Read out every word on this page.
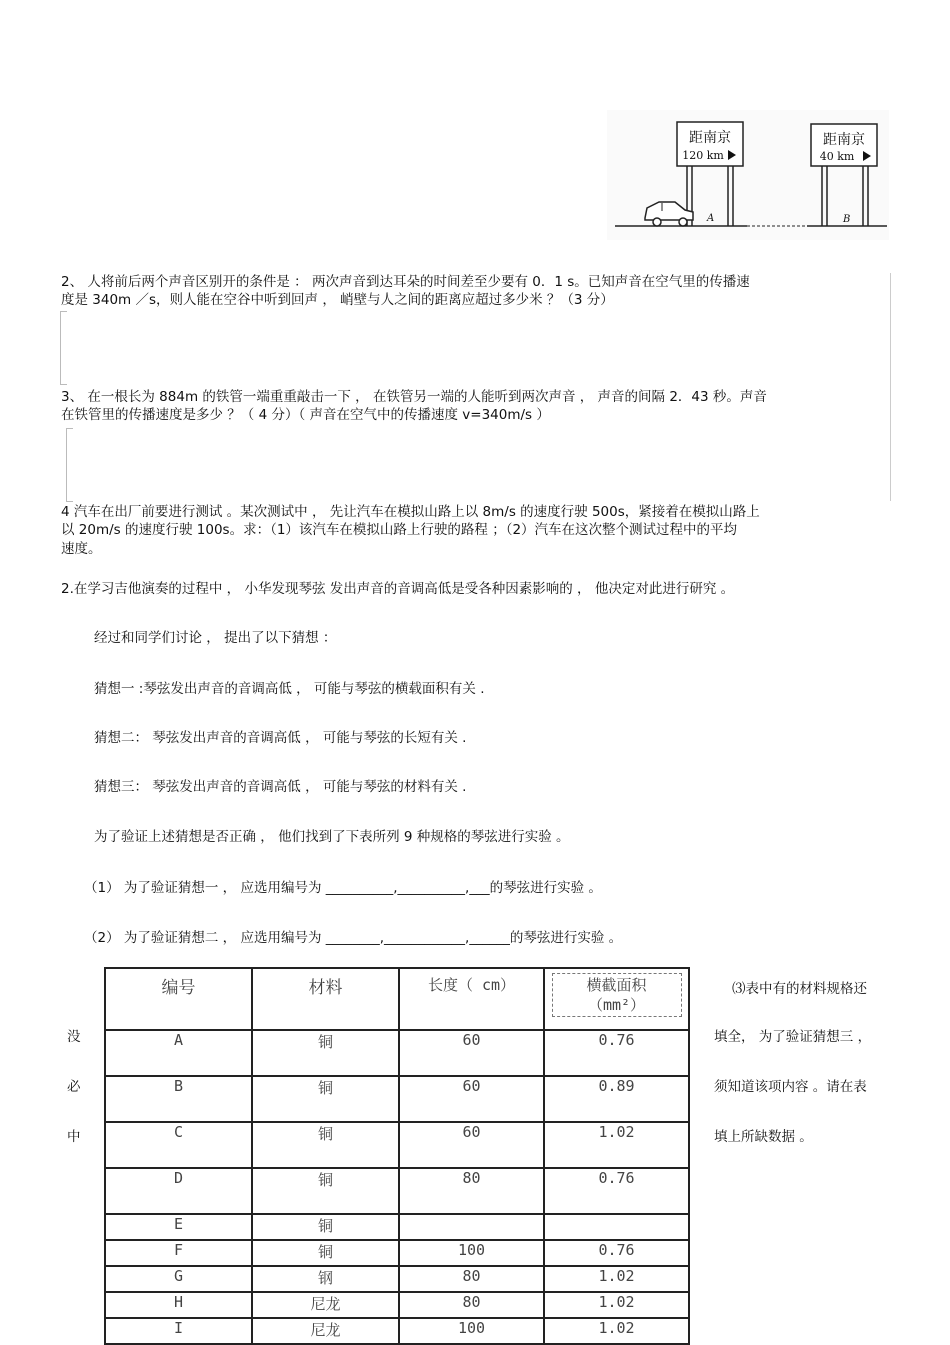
距南京
120 km
距南京
40 km
A	B
2、 人将前后两个声音区别开的条件是 ： 两次声音到达耳朵的时间差至少要有 0．1 s。已知声音在空气里的传播速
度是 340m ／s，则人能在空谷中听到回声 ， 峭壁与人之间的距离应超过多少米 ？（3 分）
3、 在一根长为 884m 的铁管一端重重敲击一下 ， 在铁管另一端的人能听到两次声音 ， 声音的间隔 2．43 秒。声音
在铁管里的传播速度是多少 ？（ 4 分）（ 声音在空气中的传播速度 v=340m/s ）
4 汽车在出厂前要进行测试 。某次测试中 ， 先让汽车在模拟山路上以 8m/s 的速度行驶 500s，紧接着在模拟山路上
以 20m/s 的速度行驶 100s。求：（1）该汽车在模拟山路上行驶的路程 ；（2）汽车在这次整个测试过程中的平均
速度。
2.在学习吉他演奏的过程中 ， 小华发现琴弦 发出声音的音调高低是受各种因素影响的 ， 他决定对此进行研究 。
经过和同学们讨论 ， 提出了以下猜想 ：
猜想一 :琴弦发出声音的音调高低 ， 可能与琴弦的横载面积有关 .
猜想二： 琴弦发出声音的音调高低 ， 可能与琴弦的长短有关 .
猜想三： 琴弦发出声音的音调高低 ， 可能与琴弦的材料有关 .
为了验证上述猜想是否正确 ， 他们找到了下表所列 9 种规格的琴弦进行实验 。
（1） 为了验证猜想一 ， 应选用编号为 __________,__________,___的琴弦进行实验 。
（2） 为了验证猜想二 ， 应选用编号为 ________,____________,______的琴弦进行实验 。
⑶表中有的材料规格还
填全， 为了验证猜想三 ，
须知道该项内容 。请在表
填上所缺数据 。
没
必
中
编号	材料	长度（ cm）	横截面积 （mm²）
A	铜	60	0.76
B	铜	60	0.89
C	铜	60	1.02
D	铜	80	0.76
E	铜		
F	铜	100	0.76
G	钢	80	1.02
H	尼龙	80	1.02
I	尼龙	100	1.02
